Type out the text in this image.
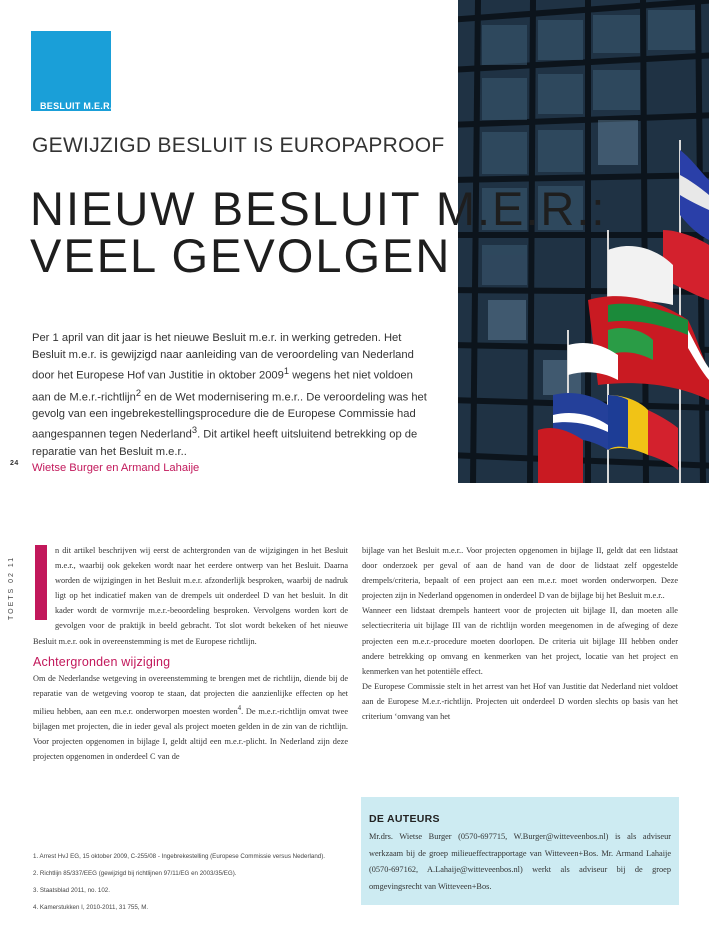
BESLUIT M.E.R.
GEWIJZIGD BESLUIT IS EUROPAPROOF
NIEUW BESLUIT M.E.R.:
VEEL GEVOLGEN
Per 1 april van dit jaar is het nieuwe Besluit m.e.r. in werking getreden. Het Besluit m.e.r. is gewijzigd naar aanleiding van de veroordeling van Nederland door het Europese Hof van Justitie in oktober 2009$^1$ wegens het niet voldoen aan de M.e.r.-richtlijn$^2$ en de Wet modernisering m.e.r.. De veroordeling was het gevolg van een ingebrekestellingsprocedure die de Europese Commissie had aangespannen tegen Nederland$^3$. Dit artikel heeft uitsluitend betrekking op de reparatie van het Besluit m.e.r..
Wietse Burger en Armand Lahaije
24
TOETS 02 11

n dit artikel beschrijven wij eerst de achtergronden van de wijzigingen in het Besluit m.e.r., waarbij ook gekeken wordt naar het eerdere ontwerp van het Besluit. Daarna worden de wijzigingen in het Besluit m.e.r. afzonderlijk besproken, waarbij de nadruk ligt op het indicatief maken van de drempels uit onderdeel D van het besluit. In dit kader wordt de vormvrije m.e.r.-beoordeling besproken. Vervolgens worden kort de gevolgen voor de praktijk in beeld gebracht. Tot slot wordt bekeken of het nieuwe Besluit m.e.r. ook in overeenstemming is met de Europese richtlijn.

Achtergronden wijziging

Om de Nederlandse wetgeving in overeenstemming te brengen met de richtlijn, diende bij de reparatie van de wetgeving voorop te staan, dat projecten die aanzienlijke effecten op het milieu hebben, aan een m.e.r. onderworpen moesten worden$^4$. De m.e.r.-richtlijn omvat twee bijlagen met projecten, die in ieder geval als project moeten gelden in de zin van de richtlijn. Voor projecten opgenomen in bijlage I, geldt altijd een m.e.r.-plicht. In Nederland zijn deze projecten opgenomen in onderdeel C van de

bijlage van het Besluit m.e.r.. Voor projecten opgenomen in bijlage II, geldt dat een lidstaat door onderzoek per geval of aan de hand van de door de lidstaat zelf opgestelde drempels/criteria, bepaalt of een project aan een m.e.r. moet worden onderworpen. Deze projecten zijn in Nederland opgenomen in onderdeel D van de bijlage bij het Besluit m.e.r..

Wanneer een lidstaat drempels hanteert voor de projecten uit bijlage II, dan moeten alle selectiecriteria uit bijlage III van de richtlijn worden meegenomen in de afweging of deze projecten een m.e.r.-procedure moeten doorlopen. De criteria uit bijlage III hebben onder andere betrekking op omvang en kenmerken van het project, locatie van het project en kenmerken van het potentiële effect.

De Europese Commissie stelt in het arrest van het Hof van Justitie dat Nederland niet voldoet aan de Europese M.e.r.-richtlijn. Projecten uit onderdeel D worden slechts op basis van het criterium ‘omvang van het

1. Arrest HvJ EG, 15 oktober 2009, C-255/08 - Ingebrekestelling (Europese Commissie versus Nederland).
2. Richtlijn 85/337/EEG (gewijzigd bij richtlijnen 97/11/EG en 2003/35/EG).
3. Staatsblad 2011, no. 102.
4. Kamerstukken I, 2010-2011, 31 755, M.
DE AUTEURS
Mr.drs. Wietse Burger (0570-697715, W.Burger@witteveenbos.nl) is als adviseur werkzaam bij de groep milieueffectrapportage van Witteveen+Bos. Mr. Armand Lahaije (0570-697162, A.Lahaije@witteveenbos.nl) werkt als adviseur bij de groep omgevingsrecht van Witteveen+Bos.
